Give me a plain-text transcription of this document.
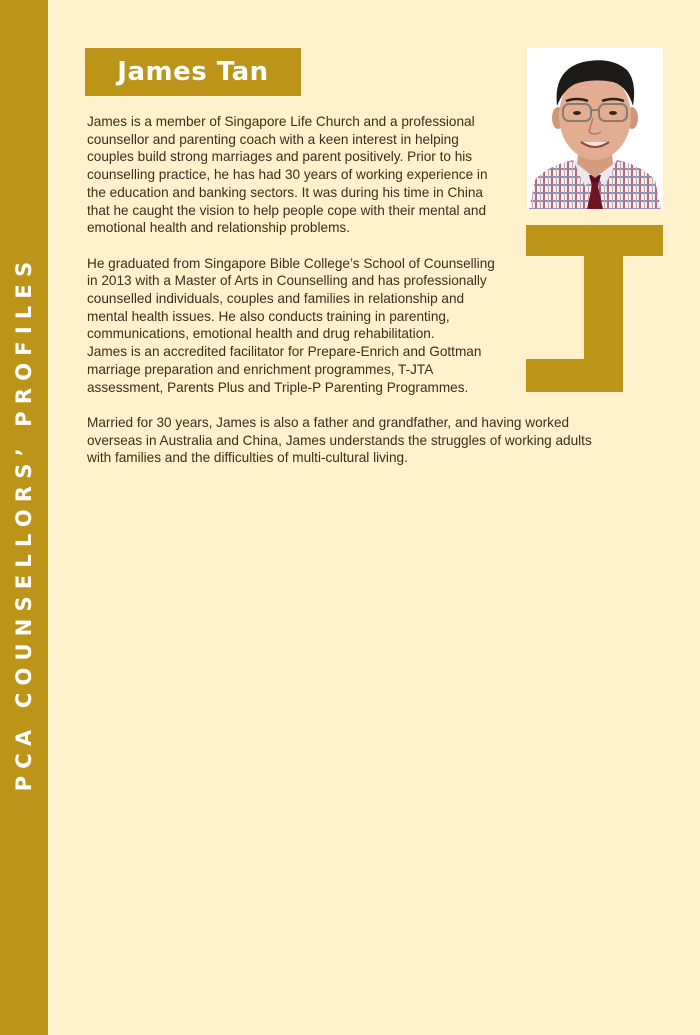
PCA COUNSELLORS’ PROFILES
James Tan

James is a member of Singapore Life Church and a professional
counsellor and parenting coach with a keen interest in helping
couples build strong marriages and parent positively. Prior to his
counselling practice, he has had 30 years of working experience in
the education and banking sectors. It was during his time in China
that he caught the vision to help people cope with their mental and
emotional health and relationship problems.

He graduated from Singapore Bible College’s School of Counselling
in 2013 with a Master of Arts in Counselling and has professionally
counselled individuals, couples and families in relationship and
mental health issues. He also conducts training in parenting,
communications, emotional health and drug rehabilitation.
James is an accredited facilitator for Prepare-Enrich and Gottman
marriage preparation and enrichment programmes, T-JTA
assessment, Parents Plus and Triple-P Parenting Programmes.

Married for 30 years, James is also a father and grandfather, and having worked
overseas in Australia and China, James understands the struggles of working adults
with families and the difficulties of multi-cultural living.
